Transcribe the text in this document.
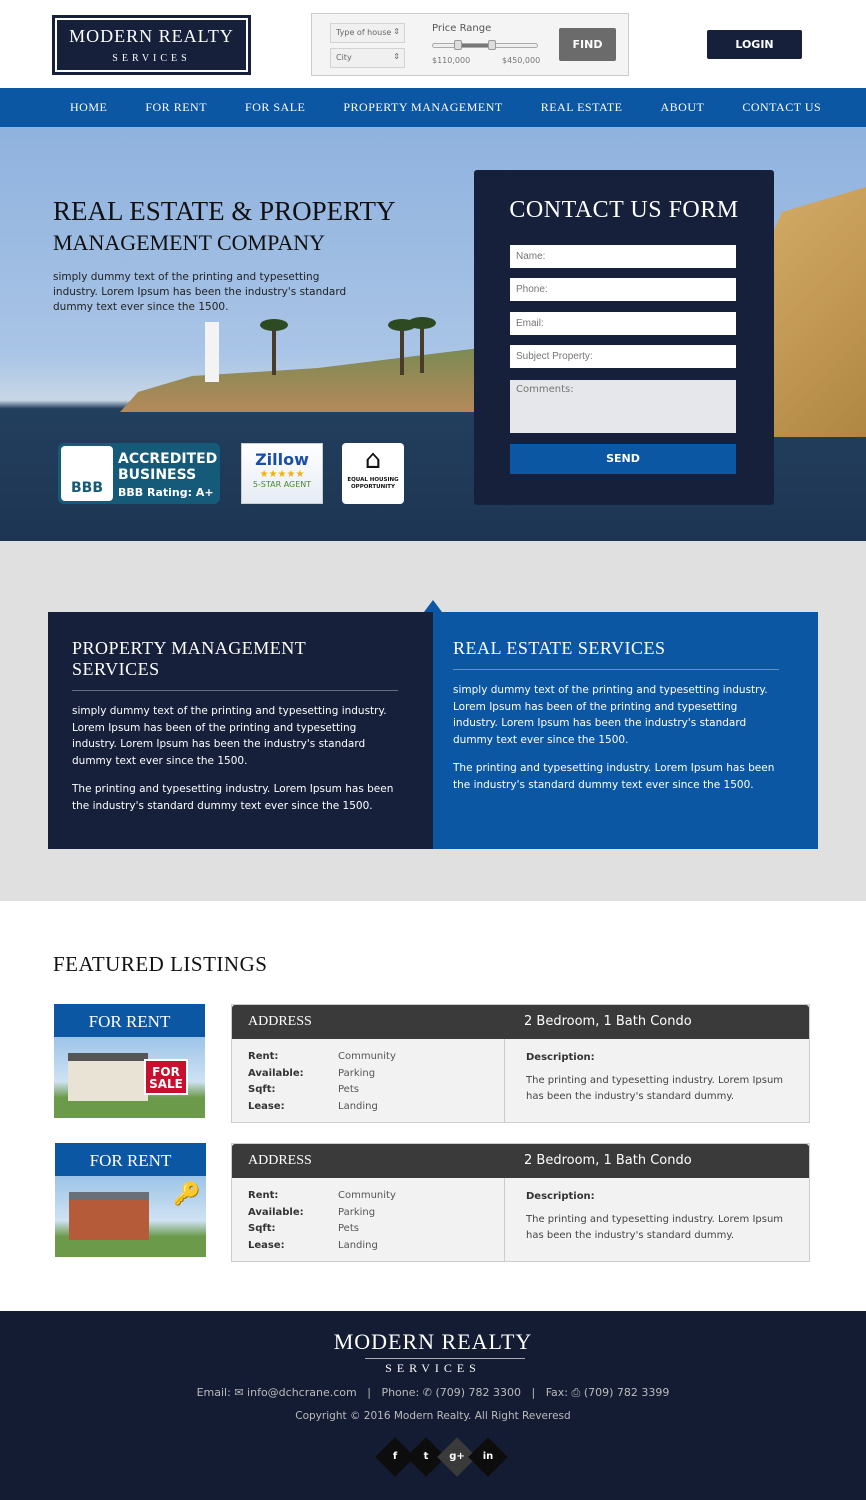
MODERN REALTY
SERVICES
Type of house ⇕
City ⇕
Price Range
$110,000	$450,000
FIND	LOGIN
HOME	FOR RENT	FOR SALE	PROPERTY MANAGEMENT	REAL ESTATE	ABOUT	CONTACT US
REAL ESTATE & PROPERTY
MANAGEMENT COMPANY
simply dummy text of the printing and typesetting industry. Lorem Ipsum has been the industry's standard dummy text ever since the 1500.
BBB
ACCREDITED BUSINESS
BBB Rating: A+
Zillow
★★★★★
5-STAR AGENT
⌂
EQUAL HOUSING OPPORTUNITY
CONTACT US FORM
Name:
Phone:
Email:
Subject Property:
Comments:
SEND
PROPERTY MANAGEMENT SERVICES

simply dummy text of the printing and typesetting industry. Lorem Ipsum has been of the printing and typesetting industry. Lorem Ipsum has been the industry's standard dummy text ever since the 1500.

The printing and typesetting industry. Lorem Ipsum has been the industry's standard dummy text ever since the 1500.

REAL ESTATE SERVICES

simply dummy text of the printing and typesetting industry. Lorem Ipsum has been of the printing and typesetting industry. Lorem Ipsum has been the industry's standard dummy text ever since the 1500.

The printing and typesetting industry. Lorem Ipsum has been the industry's standard dummy text ever since the 1500.

FEATURED LISTINGS
FOR RENT
FOR SALE
ADDRESS	2 Bedroom, 1 Bath Condo
Rent:	Community
Available:	Parking
Sqft:	Pets
Lease:	Landing
Description:

The printing and typesetting industry. Lorem Ipsum has been the industry's standard dummy.

FOR RENT
🔑
ADDRESS	2 Bedroom, 1 Bath Condo
Rent:	Community
Available:	Parking
Sqft:	Pets
Lease:	Landing
Description:

The printing and typesetting industry. Lorem Ipsum has been the industry's standard dummy.

MODERN REALTY
SERVICES
Email: ✉ info@dchcrane.com | Phone: ✆ (709) 782 3300 | Fax: ⎙ (709) 782 3399
Copyright © 2016 Modern Realty. All Right Reveresd
f	t	g+	in
